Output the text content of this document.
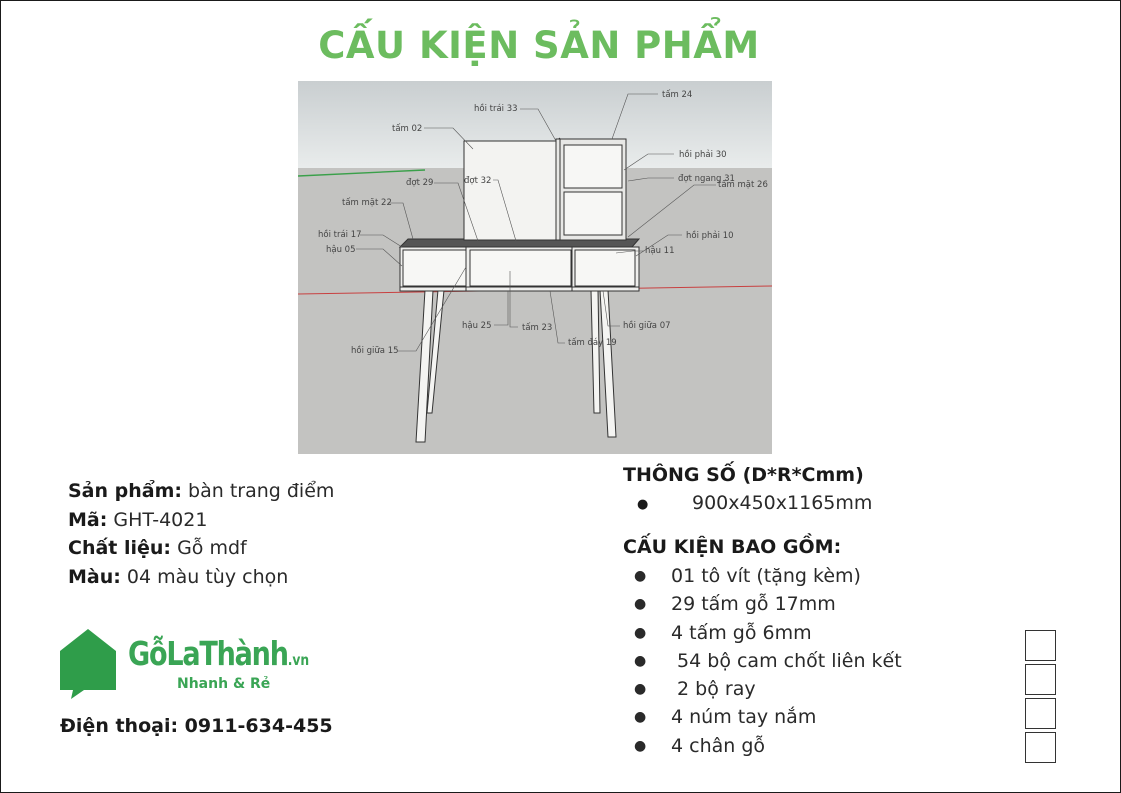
CẤU KIỆN SẢN PHẨM
tấm 24
hồi trái 33
tấm 02
hồi phải 30
đợt ngang 31
tấm mặt 26
đợt 29	đợt 32
tấm mặt 22
hồi trái 17
hậu 05
hồi phải 10
hậu 11
hậu 25	tấm 23	hồi giữa 07
tấm đáy 19
hồi giữa 15
Sản phẩm: bàn trang điểm
Mã: GHT-4021
Chất liệu: Gỗ mdf
Màu: 04 màu tùy chọn
GỗLaThành.vn
Nhanh & Rẻ
Điện thoại: 0911-634-455
THÔNG SỐ (D*R*Cmm)
● 900x450x1165mm
CẤU KIỆN BAO GỒM:
● 01 tô vít (tặng kèm)
● 29 tấm gỗ 17mm
● 4 tấm gỗ 6mm
● 54 bộ cam chốt liên kết
● 2 bộ ray
● 4 núm tay nắm
● 4 chân gỗ
